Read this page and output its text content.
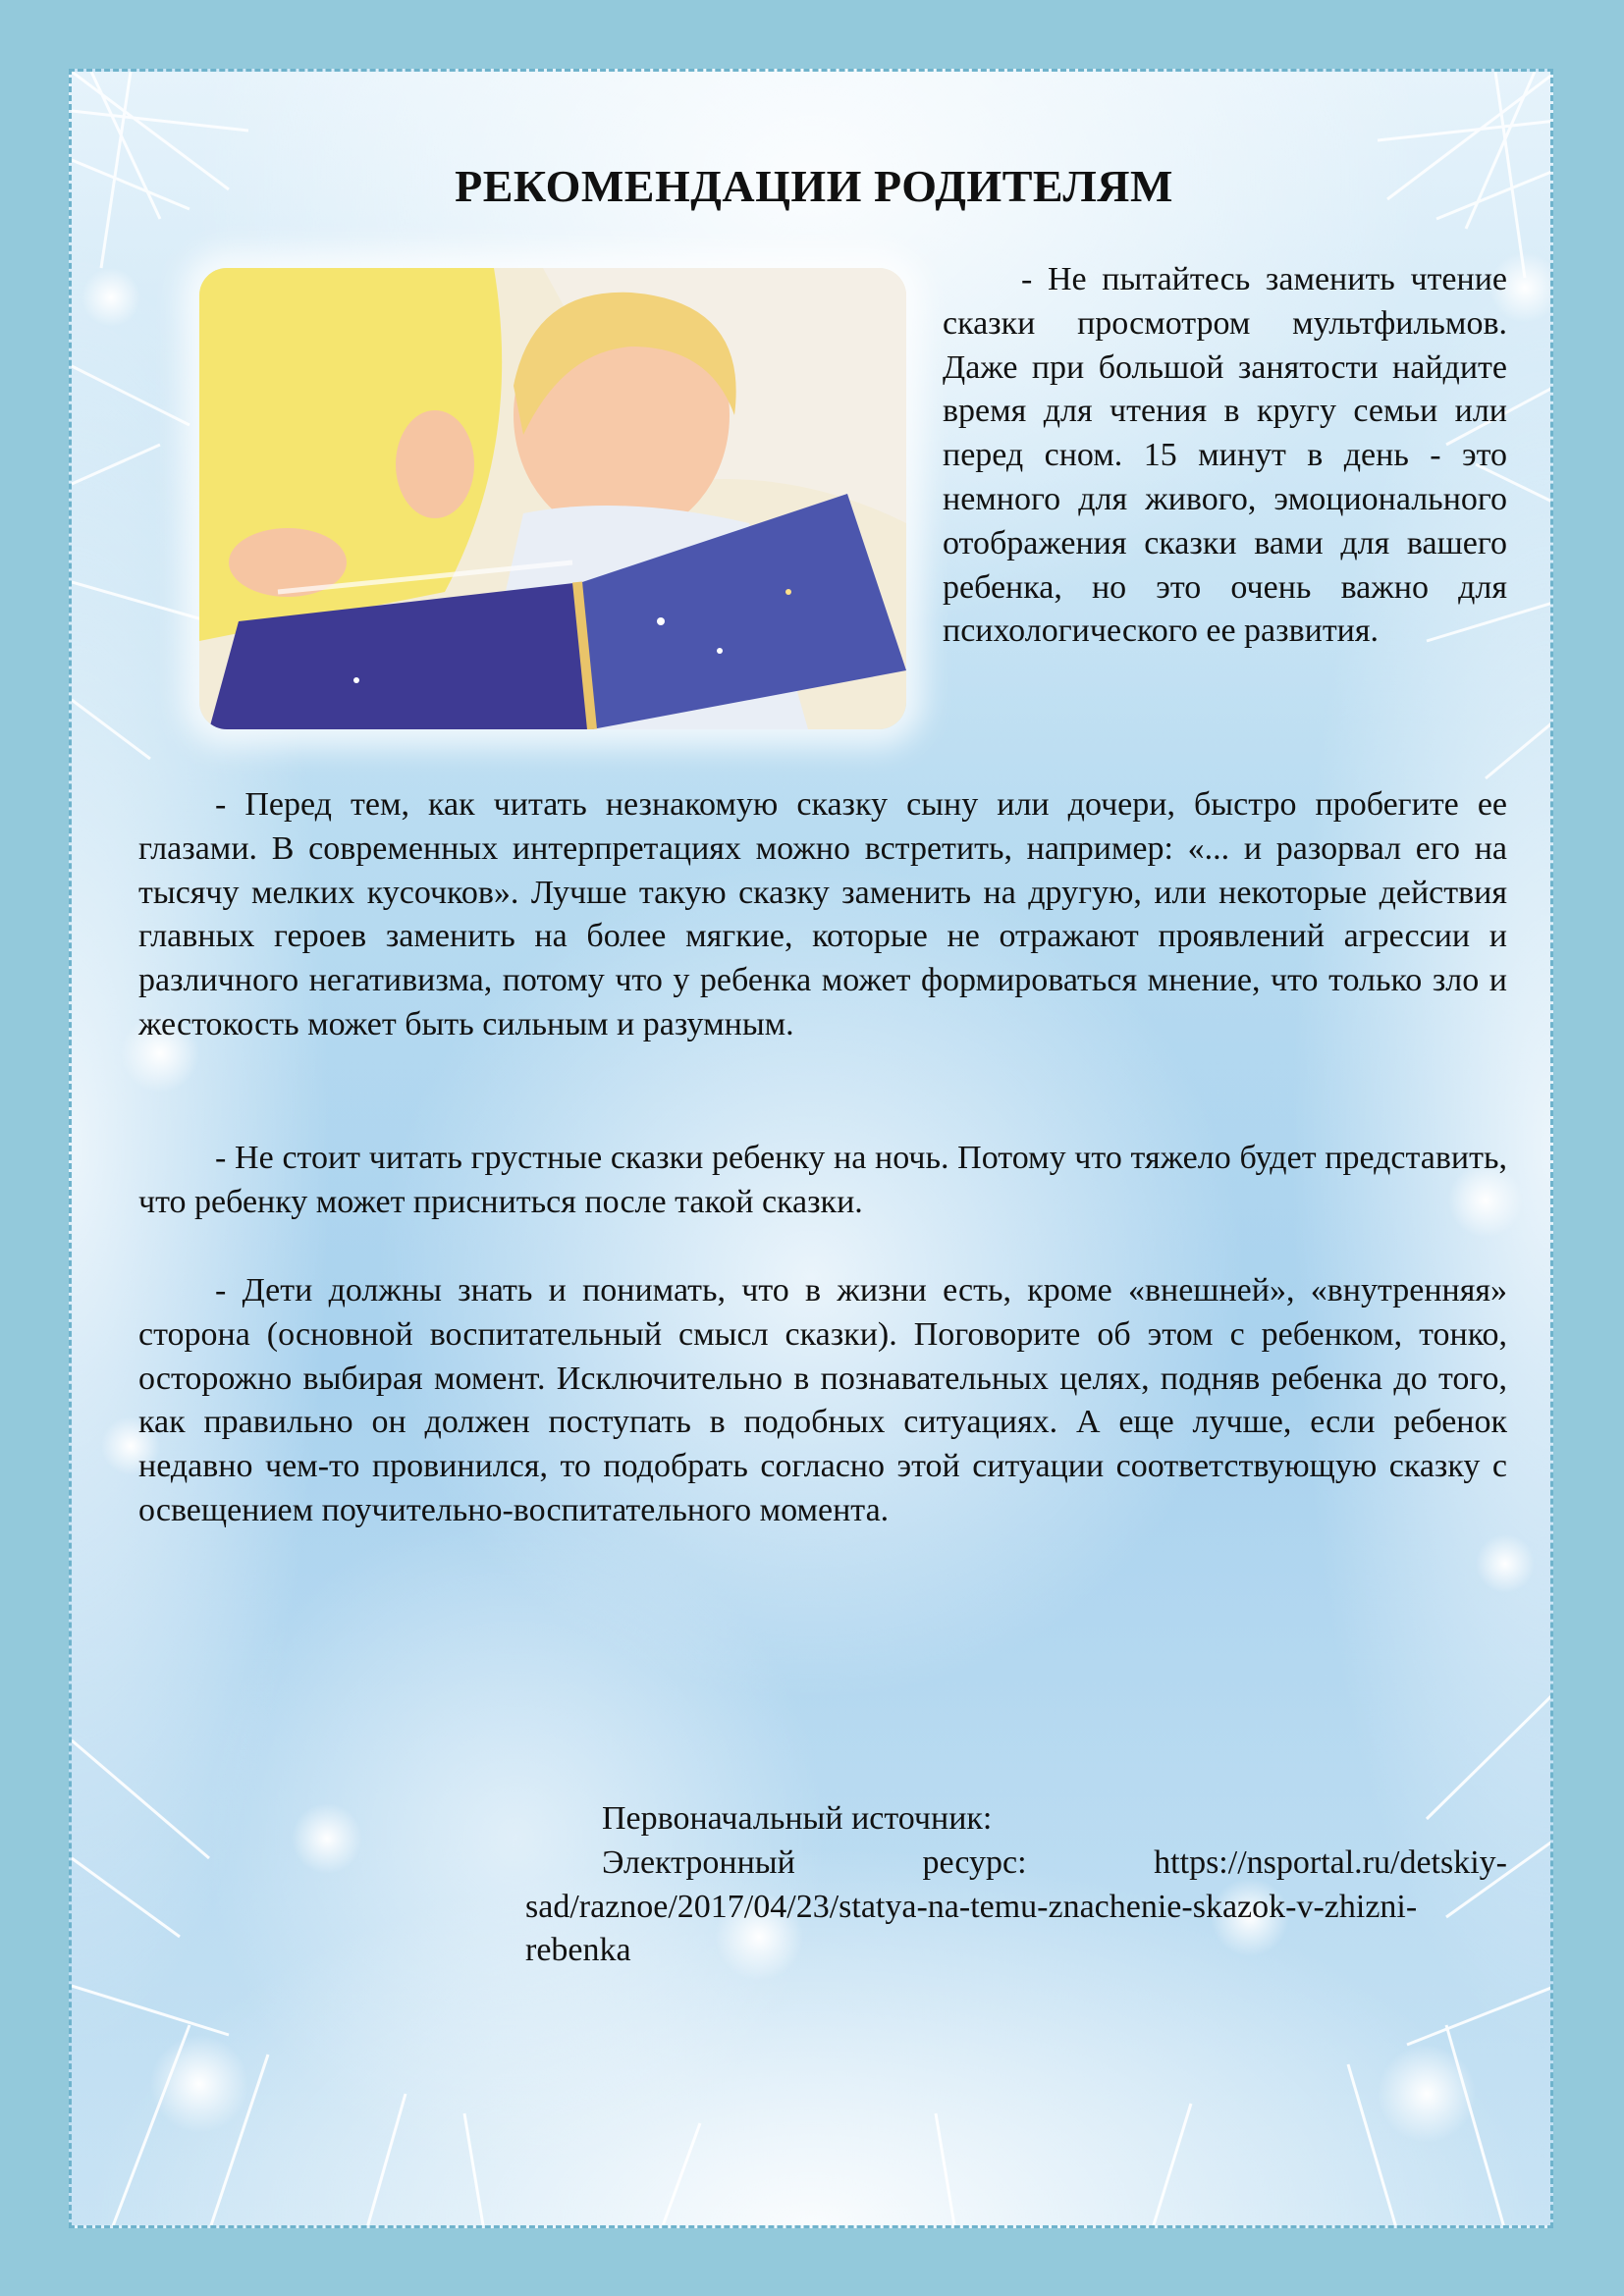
РЕКОМЕНДАЦИИ РОДИТЕЛЯМ

- Не пытайтесь заменить чтение сказки просмотром мультфильмов. Даже при большой занятости найдите время для чтения в кругу семьи или перед сном. 15 минут в день - это немного для живого, эмоционального отображения сказки вами для вашего ребенка, но это очень важно для психологического ее развития.

- Перед тем, как читать незнакомую сказку сыну или дочери, быстро пробегите ее глазами. В современных интерпретациях можно встретить, например: «... и разорвал его на тысячу мелких кусочков». Лучше такую сказку заменить на другую, или некоторые действия главных героев заменить на более мягкие, которые не отражают проявлений агрессии и различного негативизма, потому что у ребенка может формироваться мнение, что только зло и жестокость может быть сильным и разумным.

- Не стоит читать грустные сказки ребенку на ночь. Потому что тяжело будет представить, что ребенку может присниться после такой сказки.

- Дети должны знать и понимать, что в жизни есть, кроме «внешней», «внутренняя» сторона (основной воспитательный смысл сказки). Поговорите об этом с ребенком, тонко, осторожно выбирая момент. Исключительно в познавательных целях, подняв ребенка до того, как правильно он должен поступать в подобных ситуациях. А еще лучше, если ребенок недавно чем-то провинился, то подобрать согласно этой ситуации соответствующую сказку с освещением поучительно-воспитательного момента.

Первоначальный источник:

Электронный ресурс: https://nsportal.ru/detskiy-sad/raznoe/2017/04/23/statya-na-temu-znachenie-skazok-v-zhizni-rebenka
